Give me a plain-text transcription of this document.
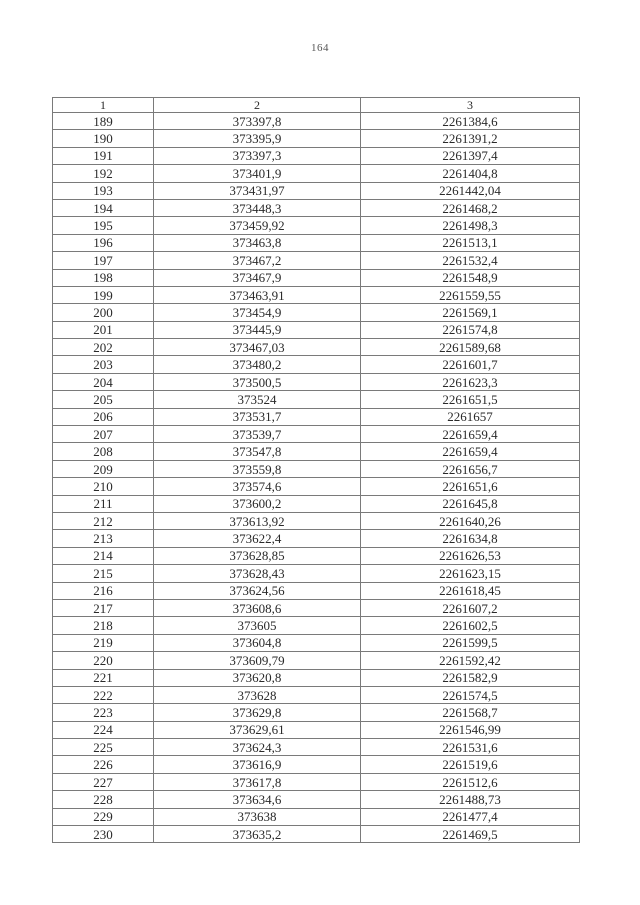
164
1	2	3
189	373397,8	2261384,6
190	373395,9	2261391,2
191	373397,3	2261397,4
192	373401,9	2261404,8
193	373431,97	2261442,04
194	373448,3	2261468,2
195	373459,92	2261498,3
196	373463,8	2261513,1
197	373467,2	2261532,4
198	373467,9	2261548,9
199	373463,91	2261559,55
200	373454,9	2261569,1
201	373445,9	2261574,8
202	373467,03	2261589,68
203	373480,2	2261601,7
204	373500,5	2261623,3
205	373524	2261651,5
206	373531,7	2261657
207	373539,7	2261659,4
208	373547,8	2261659,4
209	373559,8	2261656,7
210	373574,6	2261651,6
211	373600,2	2261645,8
212	373613,92	2261640,26
213	373622,4	2261634,8
214	373628,85	2261626,53
215	373628,43	2261623,15
216	373624,56	2261618,45
217	373608,6	2261607,2
218	373605	2261602,5
219	373604,8	2261599,5
220	373609,79	2261592,42
221	373620,8	2261582,9
222	373628	2261574,5
223	373629,8	2261568,7
224	373629,61	2261546,99
225	373624,3	2261531,6
226	373616,9	2261519,6
227	373617,8	2261512,6
228	373634,6	2261488,73
229	373638	2261477,4
230	373635,2	2261469,5
